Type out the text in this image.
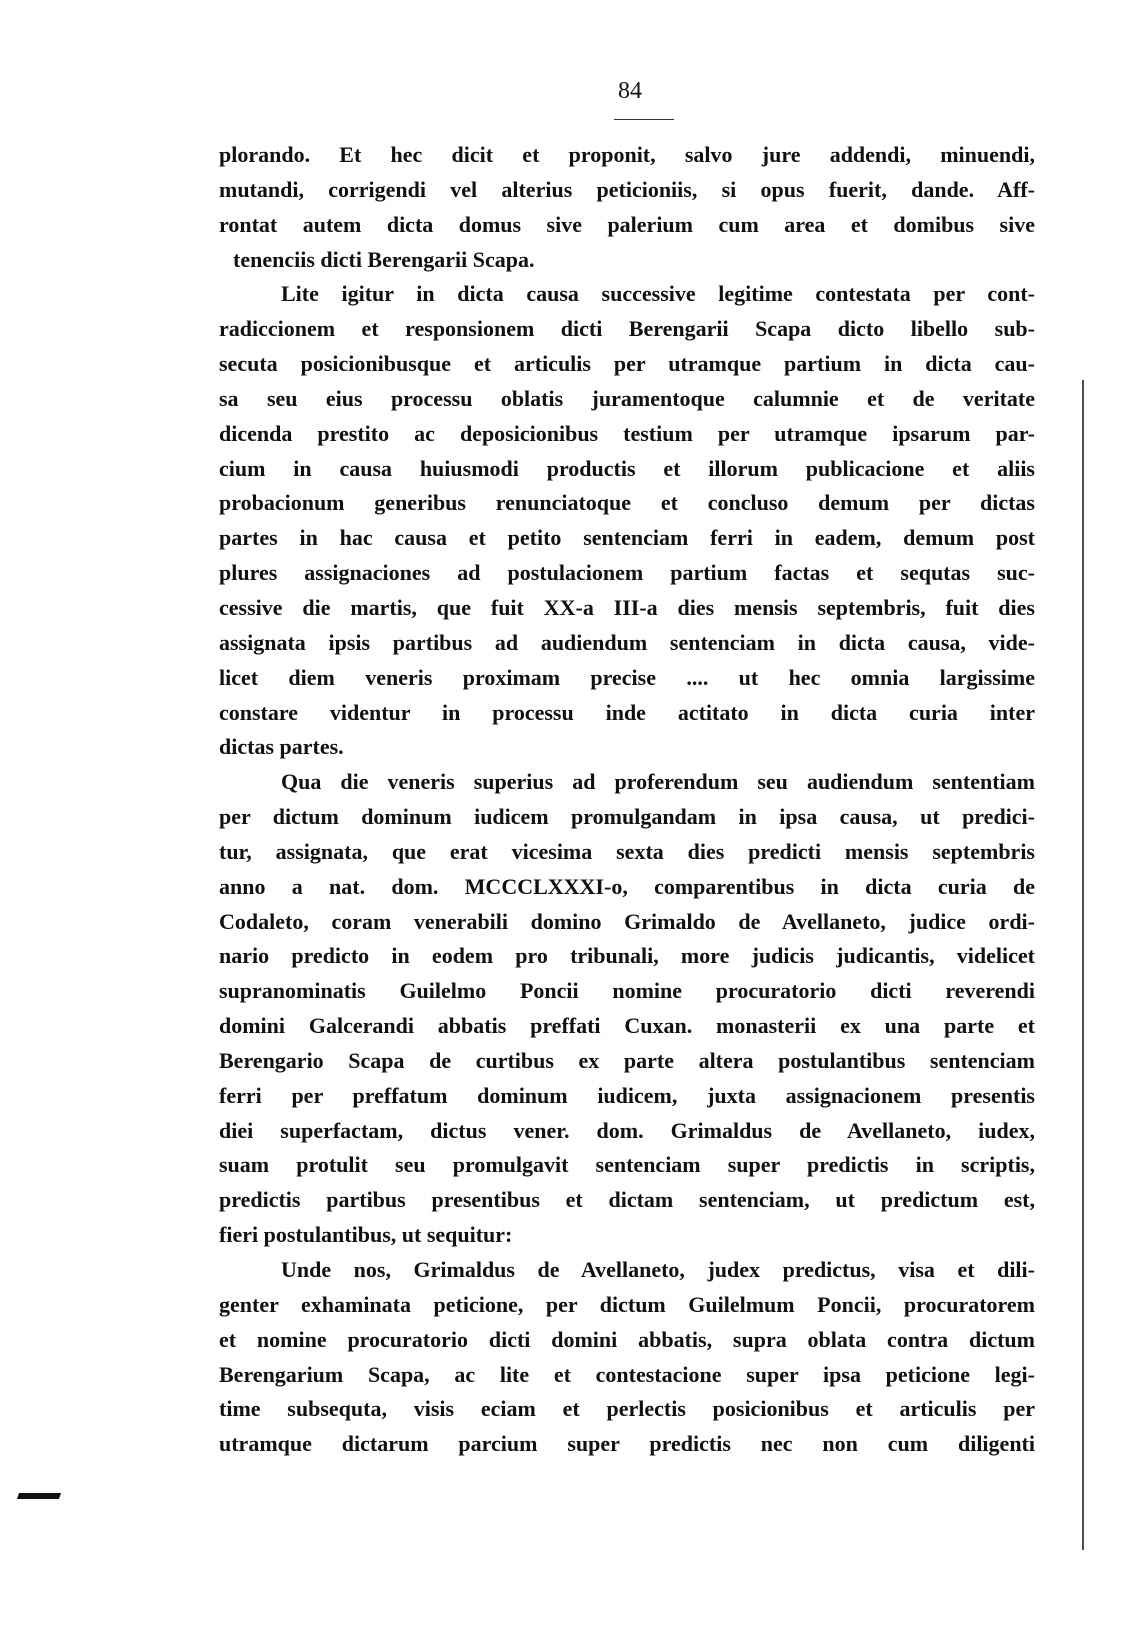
84
plorando. Et hec dicit et proponit, salvo jure addendi, minuendi,
mutandi, corrigendi vel alterius peticioniis, si opus fuerit, dande. Aff-
rontat autem dicta domus sive palerium cum area et domibus sive
tenenciis dicti Berengarii Scapa.
Lite igitur in dicta causa successive legitime contestata per cont-
radiccionem et responsionem dicti Berengarii Scapa dicto libello sub-
secuta posicionibusque et articulis per utramque partium in dicta cau-
sa seu eius processu oblatis juramentoque calumnie et de veritate
dicenda prestito ac deposicionibus testium per utramque ipsarum par-
cium in causa huiusmodi productis et illorum publicacione et aliis
probacionum generibus renunciatoque et concluso demum per dictas
partes in hac causa et petito sentenciam ferri in eadem, demum post
plures assignaciones ad postulacionem partium factas et sequtas suc-
cessive die martis, que fuit XX-a III-a dies mensis septembris, fuit dies
assignata ipsis partibus ad audiendum sentenciam in dicta causa, vide-
licet diem veneris proximam precise .... ut hec omnia largissime
constare videntur in processu inde actitato in dicta curia inter
dictas partes.
Qua die veneris superius ad proferendum seu audiendum sententiam
per dictum dominum iudicem promulgandam in ipsa causa, ut predici-
tur, assignata, que erat vicesima sexta dies predicti mensis septembris
anno a nat. dom. MCCCLXXXI-o, comparentibus in dicta curia de
Codaleto, coram venerabili domino Grimaldo de Avellaneto, judice ordi-
nario predicto in eodem pro tribunali, more judicis judicantis, videlicet
supranominatis Guilelmo Poncii nomine procuratorio dicti reverendi
domini Galcerandi abbatis preffati Cuxan. monasterii ex una parte et
Berengario Scapa de curtibus ex parte altera postulantibus sentenciam
ferri per preffatum dominum iudicem, juxta assignacionem presentis
diei superfactam, dictus vener. dom. Grimaldus de Avellaneto, iudex,
suam protulit seu promulgavit sentenciam super predictis in scriptis,
predictis partibus presentibus et dictam sentenciam, ut predictum est,
fieri postulantibus, ut sequitur:
Unde nos, Grimaldus de Avellaneto, judex predictus, visa et dili-
genter exhaminata peticione, per dictum Guilelmum Poncii, procuratorem
et nomine procuratorio dicti domini abbatis, supra oblata contra dictum
Berengarium Scapa, ac lite et contestacione super ipsa peticione legi-
time subsequta, visis eciam et perlectis posicionibus et articulis per
utramque dictarum parcium super predictis nec non cum diligenti
